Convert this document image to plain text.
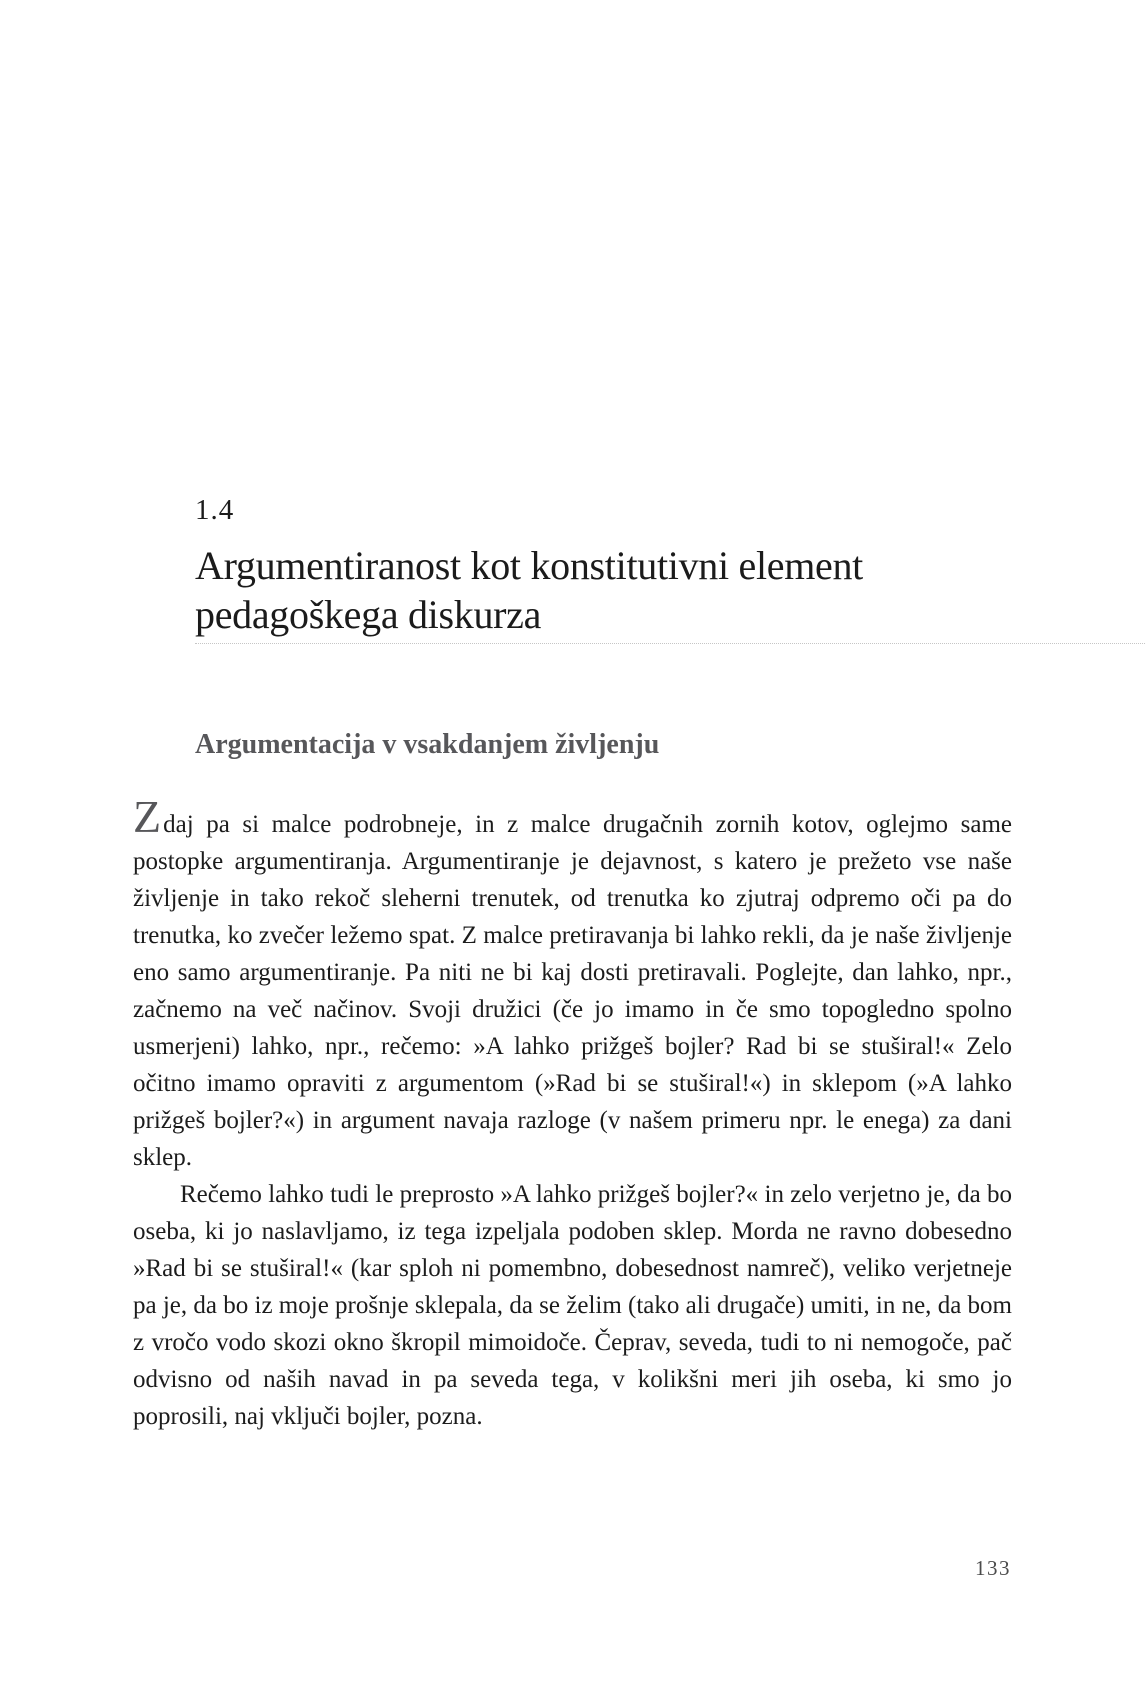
1.4
Argumentiranost kot konstitutivni element pedagoškega diskurza
Argumentacija v vsakdanjem življenju

Zdaj pa si malce podrobneje, in z malce drugačnih zornih kotov, oglejmo same postopke argumentiranja. Argumentiranje je dejavnost, s katero je prežeto vse naše življenje in tako rekoč sleherni trenutek, od trenutka ko zjutraj odpremo oči pa do trenutka, ko zvečer ležemo spat. Z malce pretiravanja bi lahko rekli, da je naše življenje eno samo argumentiranje. Pa niti ne bi kaj dosti pretiravali. Poglejte, dan lahko, npr., začnemo na več načinov. Svoji družici (če jo imamo in če smo topogledno spolno usmerjeni) lahko, npr., rečemo: »A lahko prižgeš bojler? Rad bi se stuširal!« Zelo očitno imamo opraviti z argumentom (»Rad bi se stuširal!«) in sklepom (»A lahko prižgeš bojler?«) in argument navaja razloge (v našem primeru npr. le enega) za dani sklep.

Rečemo lahko tudi le preprosto »A lahko prižgeš bojler?« in zelo verjetno je, da bo oseba, ki jo naslavljamo, iz tega izpeljala podoben sklep. Morda ne ravno dobesedno »Rad bi se stuširal!« (kar sploh ni pomembno, dobesednost namreč), veliko verjetneje pa je, da bo iz moje prošnje sklepala, da se želim (tako ali drugače) umiti, in ne, da bom z vročo vodo skozi okno škropil mimoidoče. Čeprav, seveda, tudi to ni nemogoče, pač odvisno od naših navad in pa seveda tega, v kolikšni meri jih oseba, ki smo jo poprosili, naj vključi bojler, pozna.

133
